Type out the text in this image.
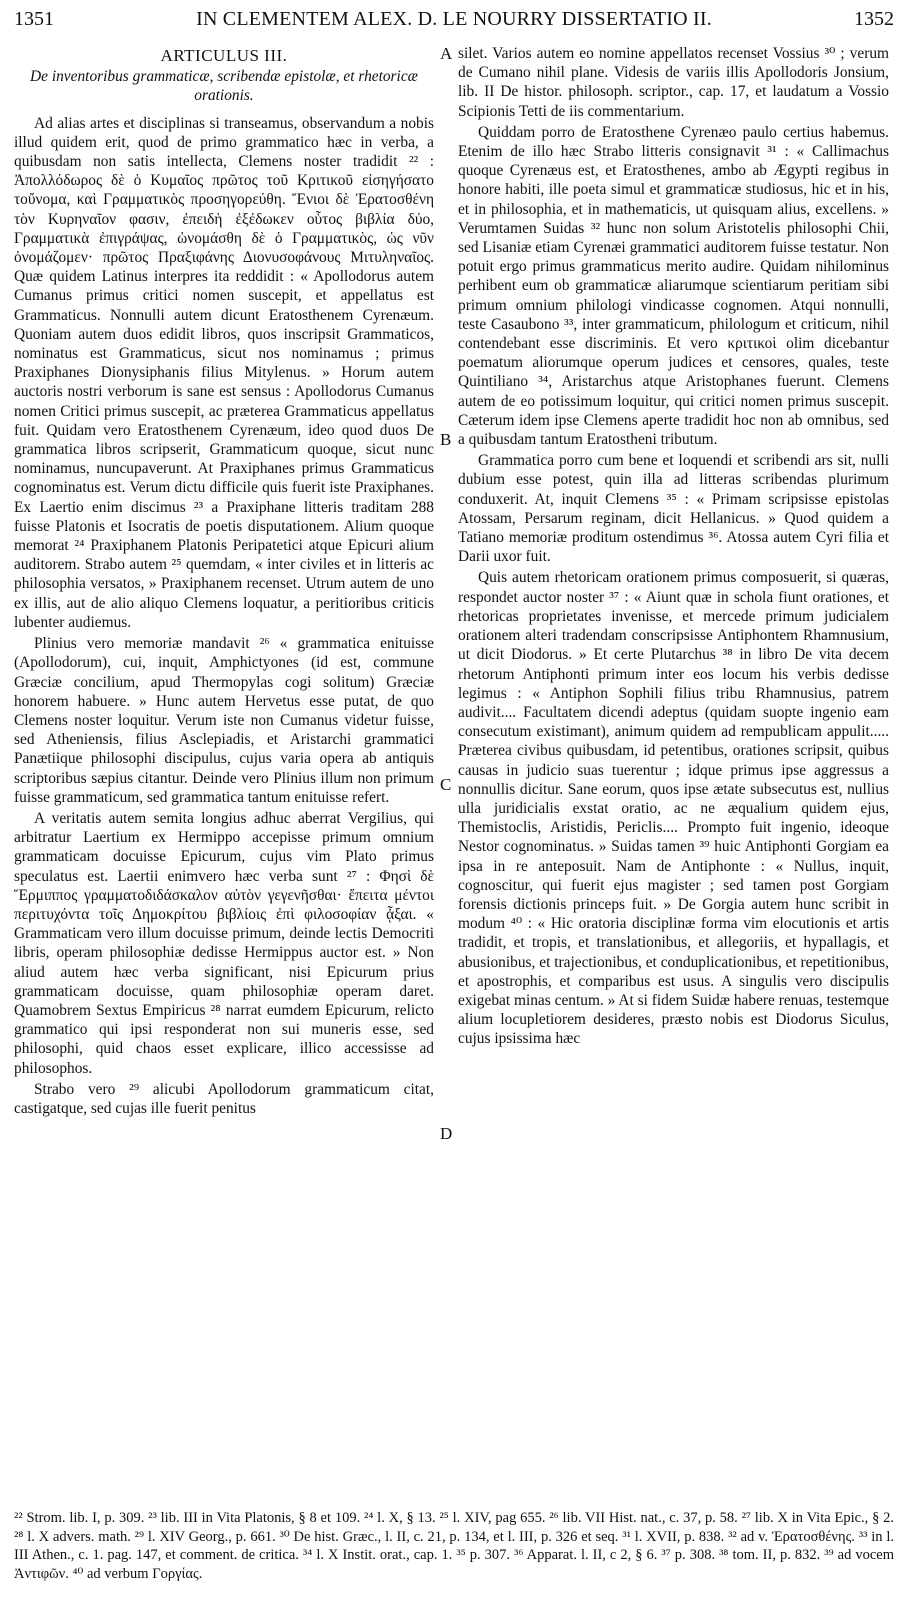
1351	IN CLEMENTEM ALEX. D. LE NOURRY DISSERTATIO II.	1352
ARTICULUS III.
De inventoribus grammaticæ, scribendæ epistolæ, et rhetoricæ orationis.

Ad alias artes et disciplinas si transeamus, observandum a nobis illud quidem erit, quod de primo grammatico hæc in verba, a quibusdam non satis intellecta, Clemens noster tradidit ²² : Ἀπολλόδωρος δὲ ὁ Κυμαῖος πρῶτος τοῦ Κριτικοῦ εἰσηγήσατο τοὔνομα, καὶ Γραμματικὸς προσηγορεύθη. Ἔνιοι δὲ Ἐρατοσθένη τὸν Κυρηναῖον φασιν, ἐπειδὴ ἐξέδωκεν οὗτος βιβλία δύο, Γραμματικὰ ἐπιγράψας, ὠνομάσθη δὲ ὁ Γραμματικὸς, ὡς νῦν ὀνομάζομεν· πρῶτος Πραξιφάνης Διονυσοφάνους Μιτυληναῖος. Quæ quidem Latinus interpres ita reddidit : « Apollodorus autem Cumanus primus critici nomen suscepit, et appellatus est Grammaticus. Nonnulli autem dicunt Eratosthenem Cyrenæum. Quoniam autem duos edidit libros, quos inscripsit Grammaticos, nominatus est Grammaticus, sicut nos nominamus ; primus Praxiphanes Dionysiphanis filius Mitylenus. » Horum autem auctoris nostri verborum is sane est sensus : Apollodorus Cumanus nomen Critici primus suscepit, ac præterea Grammaticus appellatus fuit. Quidam vero Eratosthenem Cyrenæum, ideo quod duos De grammatica libros scripserit, Grammaticum quoque, sicut nunc nominamus, nuncupaverunt. At Praxiphanes primus Grammaticus cognominatus est. Verum dictu difficile quis fuerit iste Praxiphanes. Ex Laertio enim discimus ²³ a Praxiphane litteris traditam 288 fuisse Platonis et Isocratis de poetis disputationem. Alium quoque memorat ²⁴ Praxiphanem Platonis Peripatetici atque Epicuri alium auditorem. Strabo autem ²⁵ quemdam, « inter civiles et in litteris ac philosophia versatos, » Praxiphanem recenset. Utrum autem de uno ex illis, aut de alio aliquo Clemens loquatur, a peritioribus criticis lubenter audiemus.

Plinius vero memoriæ mandavit ²⁶ « grammatica enituisse (Apollodorum), cui, inquit, Amphictyones (id est, commune Græciæ concilium, apud Thermopylas cogi solitum) Græciæ honorem habuere. » Hunc autem Hervetus esse putat, de quo Clemens noster loquitur. Verum iste non Cumanus videtur fuisse, sed Atheniensis, filius Asclepiadis, et Aristarchi grammatici Panætiique philosophi discipulus, cujus varia opera ab antiquis scriptoribus sæpius citantur. Deinde vero Plinius illum non primum fuisse grammaticum, sed grammatica tantum enituisse refert.

A veritatis autem semita longius adhuc aberrat Vergilius, qui arbitratur Laertium ex Hermippo accepisse primum omnium grammaticam docuisse Epicurum, cujus vim Plato primus speculatus est. Laertii enimvero hæc verba sunt ²⁷ : Φησὶ δὲ Ἕρμιππος γραμματοδιδάσκαλον αὐτὸν γεγενῆσθαι· ἔπειτα μέντοι περιτυχόντα τοῖς Δημοκρίτου βιβλίοις ἐπὶ φιλοσοφίαν ᾆξαι. « Grammaticam vero illum docuisse primum, deinde lectis Democriti libris, operam philosophiæ dedisse Hermippus auctor est. » Non aliud autem hæc verba significant, nisi Epicurum prius grammaticam docuisse, quam philosophiæ operam daret. Quamobrem Sextus Empiricus ²⁸ narrat eumdem Epicurum, relicto grammatico qui ipsi responderat non sui muneris esse, sed philosophi, quid chaos esset explicare, illico accessisse ad philosophos.

Strabo vero ²⁹ alicubi Apollodorum grammaticum citat, castigatque, sed cujas ille fuerit penitus

A
B
C
D

silet. Varios autem eo nomine appellatos recenset Vossius ³⁰ ; verum de Cumano nihil plane. Videsis de variis illis Apollodoris Jonsium, lib. II De histor. philosoph. scriptor., cap. 17, et laudatum a Vossio Scipionis Tetti de iis commentarium.

Quiddam porro de Eratosthene Cyrenæo paulo certius habemus. Etenim de illo hæc Strabo litteris consignavit ³¹ : « Callimachus quoque Cyrenæus est, et Eratosthenes, ambo ab Ægypti regibus in honore habiti, ille poeta simul et grammaticæ studiosus, hic et in his, et in philosophia, et in mathematicis, ut quisquam alius, excellens. » Verumtamen Suidas ³² hunc non solum Aristotelis philosophi Chii, sed Lisaniæ etiam Cyrenæi grammatici auditorem fuisse testatur. Non potuit ergo primus grammaticus merito audire. Quidam nihilominus perhibent eum ob grammaticæ aliarumque scientiarum peritiam sibi primum omnium philologi vindicasse cognomen. Atqui nonnulli, teste Casaubono ³³, inter grammaticum, philologum et criticum, nihil contendebant esse discriminis. Et vero κριτικοὶ olim dicebantur poematum aliorumque operum judices et censores, quales, teste Quintiliano ³⁴, Aristarchus atque Aristophanes fuerunt. Clemens autem de eo potissimum loquitur, qui critici nomen primus suscepit. Cæterum idem ipse Clemens aperte tradidit hoc non ab omnibus, sed a quibusdam tantum Eratostheni tributum.

Grammatica porro cum bene et loquendi et scribendi ars sit, nulli dubium esse potest, quin illa ad litteras scribendas plurimum conduxerit. At, inquit Clemens ³⁵ : « Primam scripsisse epistolas Atossam, Persarum reginam, dicit Hellanicus. » Quod quidem a Tatiano memoriæ proditum ostendimus ³⁶. Atossa autem Cyri filia et Darii uxor fuit.

Quis autem rhetoricam orationem primus composuerit, si quæras, respondet auctor noster ³⁷ : « Aiunt quæ in schola fiunt orationes, et rhetoricas proprietates invenisse, et mercede primum judicialem orationem alteri tradendam conscripsisse Antiphontem Rhamnusium, ut dicit Diodorus. » Et certe Plutarchus ³⁸ in libro De vita decem rhetorum Antiphonti primum inter eos locum his verbis dedisse legimus : « Antiphon Sophili filius tribu Rhamnusius, patrem audivit.... Facultatem dicendi adeptus (quidam suopte ingenio eam consecutum existimant), animum quidem ad rempublicam appulit..... Præterea civibus quibusdam, id petentibus, orationes scripsit, quibus causas in judicio suas tuerentur ; idque primus ipse aggressus a nonnullis dicitur. Sane eorum, quos ipse ætate subsecutus est, nullius ulla juridicialis exstat oratio, ac ne æqualium quidem ejus, Themistoclis, Aristidis, Periclis.... Prompto fuit ingenio, ideoque Nestor cognominatus. » Suidas tamen ³⁹ huic Antiphonti Gorgiam ea ipsa in re anteposuit. Nam de Antiphonte : « Nullus, inquit, cognoscitur, qui fuerit ejus magister ; sed tamen post Gorgiam forensis dictionis princeps fuit. » De Gorgia autem hunc scribit in modum ⁴⁰ : « Hic oratoria disciplinæ forma vim elocutionis et artis tradidit, et tropis, et translationibus, et allegoriis, et hypallagis, et abusionibus, et trajectionibus, et conduplicationibus, et repetitionibus, et apostrophis, et comparibus est usus. A singulis vero discipulis exigebat minas centum. » At si fidem Suidæ habere renuas, testemque alium locupletiorem desideres, præsto nobis est Diodorus Siculus, cujus ipsissima hæc

²² Strom. lib. I, p. 309. ²³ lib. III in Vita Platonis, § 8 et 109. ²⁴ l. X, § 13. ²⁵ l. XIV, pag 655. ²⁶ lib. VII Hist. nat., c. 37, p. 58. ²⁷ lib. X in Vita Epic., § 2. ²⁸ l. X advers. math. ²⁹ l. XIV Georg., p. 661. ³⁰ De hist. Græc., l. II, c. 21, p. 134, et l. III, p. 326 et seq. ³¹ l. XVII, p. 838. ³² ad v. Ἐρατοσθένης. ³³ in l. III Athen., c. 1. pag. 147, et comment. de critica. ³⁴ l. X Instit. orat., cap. 1. ³⁵ p. 307. ³⁶ Apparat. l. II, c 2, § 6. ³⁷ p. 308. ³⁸ tom. II, p. 832. ³⁹ ad vocem Ἀντιφῶν. ⁴⁰ ad verbum Γοργίας.
